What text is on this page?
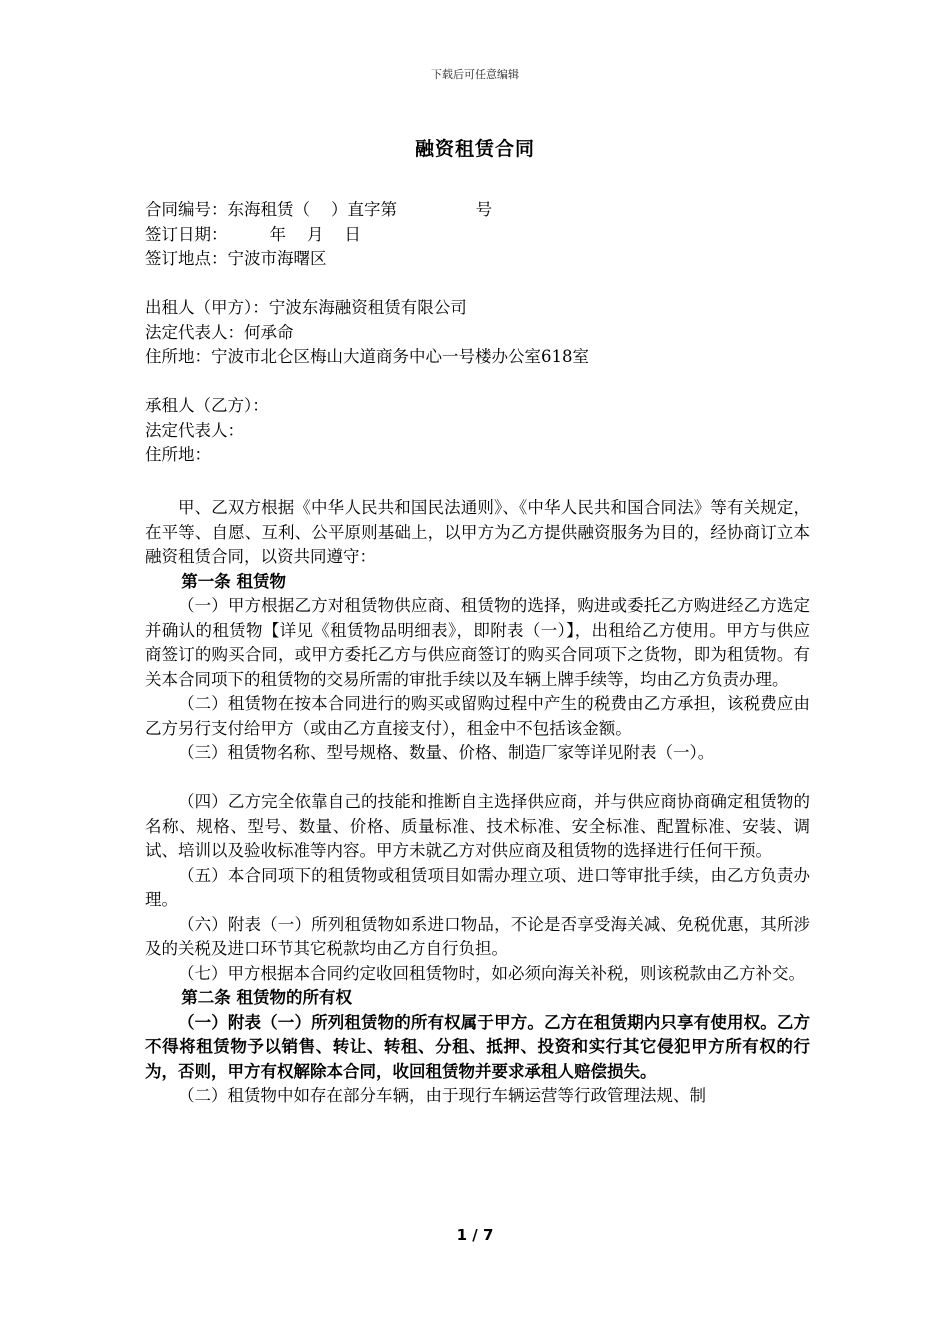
下载后可任意编辑
融资租赁合同

合同编号：东海租赁（    ）直字第               号

签订日期：        年    月    日

签订地点：宁波市海曙区

出租人（甲方）：宁波东海融资租赁有限公司

法定代表人：何承命

住所地：宁波市北仑区梅山大道商务中心一号楼办公室618室

承租人（乙方）：

法定代表人：

住所地：

甲、乙双方根据《中华人民共和国民法通则》、《中华人民共和国合同法》等有关规定，在平等、自愿、互利、公平原则基础上，以甲方为乙方提供融资服务为目的，经协商订立本融资租赁合同，以资共同遵守：

第一条 租赁物

（一）甲方根据乙方对租赁物供应商、租赁物的选择，购进或委托乙方购进经乙方选定并确认的租赁物【详见《租赁物品明细表》，即附表（一）】，出租给乙方使用。甲方与供应商签订的购买合同，或甲方委托乙方与供应商签订的购买合同项下之货物，即为租赁物。有关本合同项下的租赁物的交易所需的审批手续以及车辆上牌手续等，均由乙方负责办理。

（二）租赁物在按本合同进行的购买或留购过程中产生的税费由乙方承担，该税费应由乙方另行支付给甲方（或由乙方直接支付），租金中不包括该金额。

（三）租赁物名称、型号规格、数量、价格、制造厂家等详见附表（一）。

（四）乙方完全依靠自己的技能和推断自主选择供应商，并与供应商协商确定租赁物的名称、规格、型号、数量、价格、质量标准、技术标准、安全标准、配置标准、安装、调试、培训以及验收标准等内容。甲方未就乙方对供应商及租赁物的选择进行任何干预。

（五）本合同项下的租赁物或租赁项目如需办理立项、进口等审批手续，由乙方负责办理。

（六）附表（一）所列租赁物如系进口物品，不论是否享受海关减、免税优惠，其所涉及的关税及进口环节其它税款均由乙方自行负担。

（七）甲方根据本合同约定收回租赁物时，如必须向海关补税，则该税款由乙方补交。

第二条 租赁物的所有权

（一）附表（一）所列租赁物的所有权属于甲方。乙方在租赁期内只享有使用权。乙方不得将租赁物予以销售、转让、转租、分租、抵押、投资和实行其它侵犯甲方所有权的行为，否则，甲方有权解除本合同，收回租赁物并要求承租人赔偿损失。

（二）租赁物中如存在部分车辆，由于现行车辆运营等行政管理法规、制

1 / 7
